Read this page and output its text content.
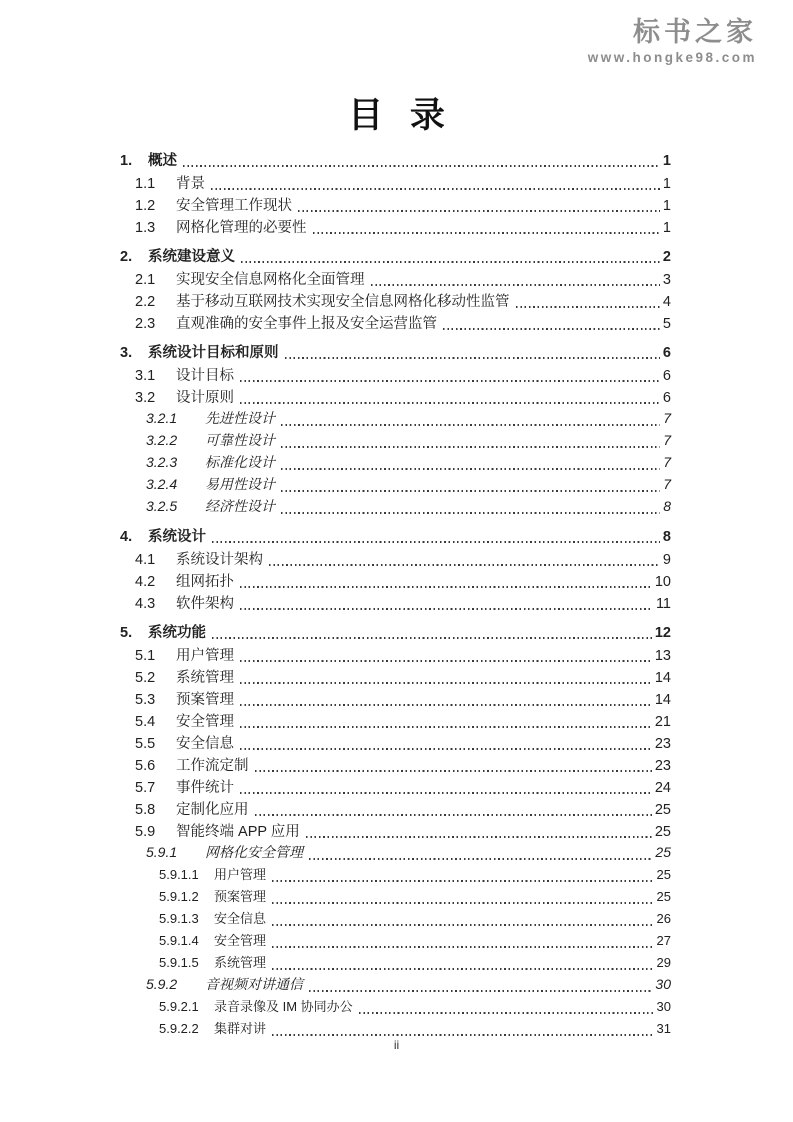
标书之家
www.hongke98.com
目 录
1.	概述	1
1.1	背景	1
1.2	安全管理工作现状	1
1.3	网格化管理的必要性	1
2.	系统建设意义	2
2.1	实现安全信息网格化全面管理	3
2.2	基于移动互联网技术实现安全信息网格化移动性监管	4
2.3	直观准确的安全事件上报及安全运营监管	5
3.	系统设计目标和原则	6
3.1	设计目标	6
3.2	设计原则	6
3.2.1	先进性设计	7
3.2.2	可靠性设计	7
3.2.3	标准化设计	7
3.2.4	易用性设计	7
3.2.5	经济性设计	8
4.	系统设计	8
4.1	系统设计架构	9
4.2	组网拓扑	10
4.3	软件架构	11
5.	系统功能	12
5.1	用户管理	13
5.2	系统管理	14
5.3	预案管理	14
5.4	安全管理	21
5.5	安全信息	23
5.6	工作流定制	23
5.7	事件统计	24
5.8	定制化应用	25
5.9	智能终端 APP 应用	25
5.9.1	网格化安全管理	25
5.9.1.1	用户管理	25
5.9.1.2	预案管理	25
5.9.1.3	安全信息	26
5.9.1.4	安全管理	27
5.9.1.5	系统管理	29
5.9.2	音视频对讲通信	30
5.9.2.1	录音录像及 IM 协同办公	30
5.9.2.2	集群对讲	31
ii
